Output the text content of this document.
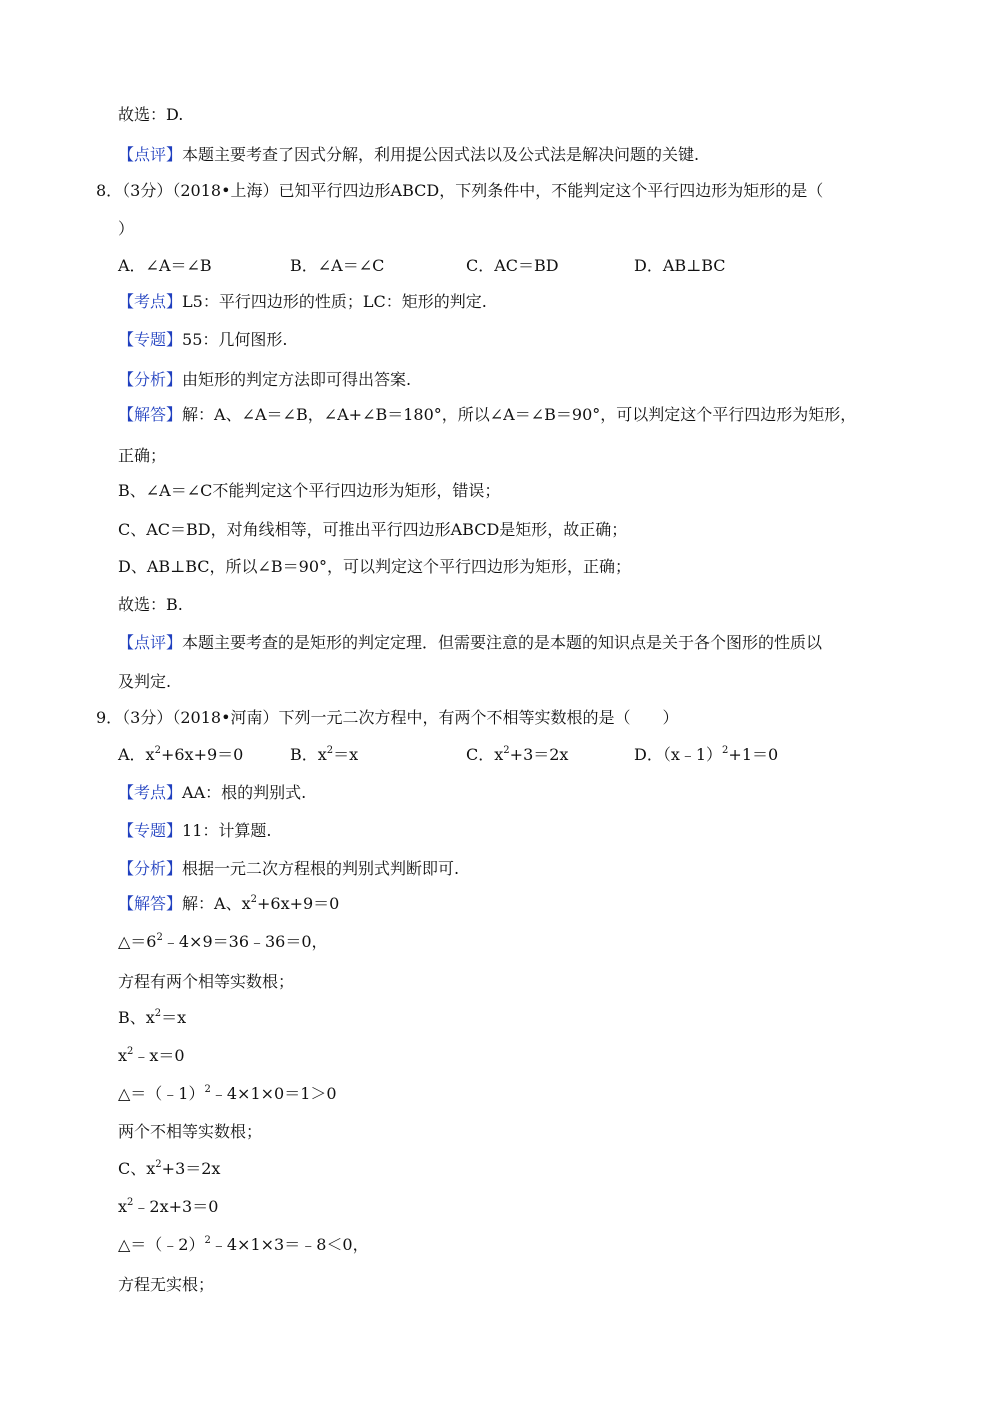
故选：D.
【点评】本题主要考查了因式分解，利用提公因式法以及公式法是解决问题的关键.
8．（3分）（2018•上海）已知平行四边形ABCD，下列条件中，不能判定这个平行四边形为矩形的是（
）
A．∠A＝∠B	B．∠A＝∠C	C．AC＝BD	D．AB⊥BC
【考点】L5：平行四边形的性质；LC：矩形的判定.
【专题】55：几何图形.
【分析】由矩形的判定方法即可得出答案.
【解答】解：A、∠A＝∠B，∠A+∠B＝180°，所以∠A＝∠B＝90°，可以判定这个平行四边形为矩形，
正确；
B、∠A＝∠C不能判定这个平行四边形为矩形，错误；
C、AC＝BD，对角线相等，可推出平行四边形ABCD是矩形，故正确；
D、AB⊥BC，所以∠B＝90°，可以判定这个平行四边形为矩形，正确；
故选：B.
【点评】本题主要考查的是矩形的判定定理．但需要注意的是本题的知识点是关于各个图形的性质以
及判定.
9．（3分）（2018•河南）下列一元二次方程中，有两个不相等实数根的是（　　）
A．$x^2+6x+9=0$	B．$x^2=x$	C．$x^2+3=2x$	D．（x﹣1）$^2$+1＝0
【考点】AA：根的判别式.
【专题】11：计算题.
【分析】根据一元二次方程根的判别式判断即可.
【解答】解：A、$x^2+6x+9=0$
$\triangle=6^2﹣4\times 9=36﹣36=0$，
方程有两个相等实数根；
B、$x^2=x$
$x^2﹣x=0$
△＝（﹣1）$^2$﹣4×1×0＝1＞0
两个不相等实数根；
C、$x^2+3=2x$
$x^2﹣2x+3=0$
△＝（﹣2）$^2$﹣4×1×3＝﹣8＜0，
方程无实根；
